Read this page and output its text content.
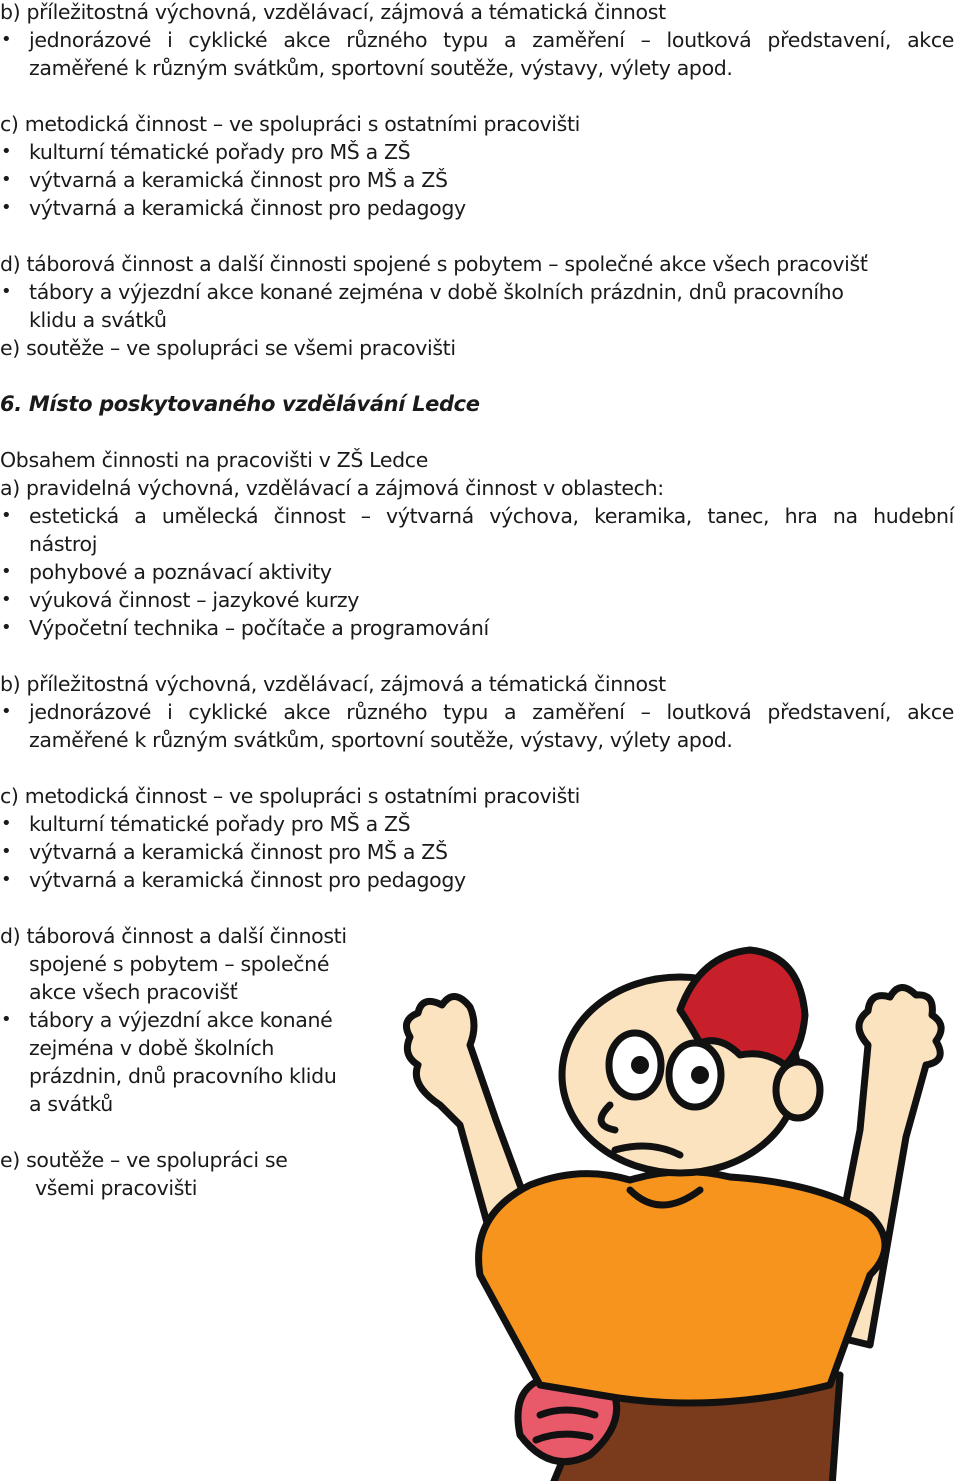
b) příležitostná výchovná, vzdělávací, zájmová a tématická činnost
• jednorázové i cyklické akce různého typu a zaměření – loutková představení, akce
zaměřené k různým svátkům, sportovní soutěže, výstavy, výlety apod.
c) metodická činnost – ve spolupráci s ostatními pracovišti
• kulturní tématické pořady pro MŠ a ZŠ
• výtvarná a keramická činnost pro MŠ a ZŠ
• výtvarná a keramická činnost pro pedagogy
d) táborová činnost a další činnosti spojené s pobytem – společné akce všech pracovišť
• tábory a výjezdní akce konané zejména v době školních prázdnin, dnů pracovního
klidu a svátků
e) soutěže – ve spolupráci se všemi pracovišti
6. Místo poskytovaného vzdělávání Ledce
Obsahem činnosti na pracovišti v ZŠ Ledce
a) pravidelná výchovná, vzdělávací a zájmová činnost v oblastech:
• estetická a umělecká činnost – výtvarná výchova, keramika, tanec, hra na hudební
nástroj
• pohybové a poznávací aktivity
• výuková činnost – jazykové kurzy
• Výpočetní technika – počítače a programování
b) příležitostná výchovná, vzdělávací, zájmová a tématická činnost
• jednorázové i cyklické akce různého typu a zaměření – loutková představení, akce
zaměřené k různým svátkům, sportovní soutěže, výstavy, výlety apod.
c) metodická činnost – ve spolupráci s ostatními pracovišti
• kulturní tématické pořady pro MŠ a ZŠ
• výtvarná a keramická činnost pro MŠ a ZŠ
• výtvarná a keramická činnost pro pedagogy
d) táborová činnost a další činnosti
spojené s pobytem – společné
akce všech pracovišť
• tábory a výjezdní akce konané
zejména v době školních
prázdnin, dnů pracovního klidu
a svátků
e) soutěže – ve spolupráci se
všemi pracovišti
